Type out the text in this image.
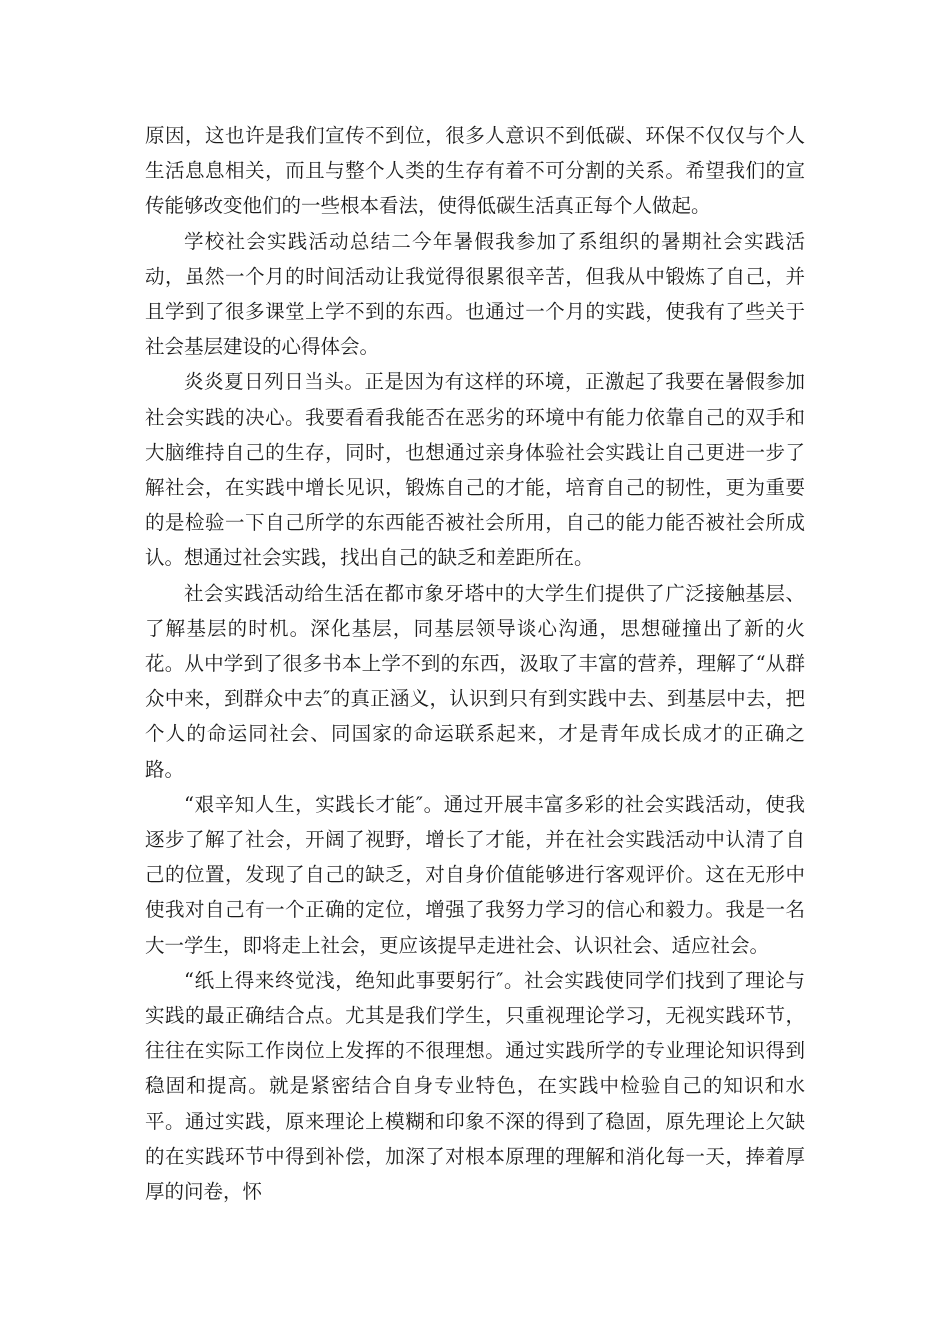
原因，这也许是我们宣传不到位，很多人意识不到低碳、环保不仅仅与个人生活息息相关，而且与整个人类的生存有着不可分割的关系。希望我们的宣传能够改变他们的一些根本看法，使得低碳生活真正每个人做起。

学校社会实践活动总结二今年暑假我参加了系组织的暑期社会实践活动，虽然一个月的时间活动让我觉得很累很辛苦，但我从中锻炼了自己，并且学到了很多课堂上学不到的东西。也通过一个月的实践，使我有了些关于社会基层建设的心得体会。

炎炎夏日列日当头。正是因为有这样的环境，正激起了我要在暑假参加社会实践的决心。我要看看我能否在恶劣的环境中有能力依靠自己的双手和大脑维持自己的生存，同时，也想通过亲身体验社会实践让自己更进一步了解社会，在实践中增长见识，锻炼自己的才能，培育自己的韧性，更为重要的是检验一下自己所学的东西能否被社会所用，自己的能力能否被社会所成认。想通过社会实践，找出自己的缺乏和差距所在。

社会实践活动给生活在都市象牙塔中的大学生们提供了广泛接触基层、了解基层的时机。深化基层，同基层领导谈心沟通，思想碰撞出了新的火花。从中学到了很多书本上学不到的东西，汲取了丰富的营养，理解了“从群众中来，到群众中去″的真正涵义，认识到只有到实践中去、到基层中去，把个人的命运同社会、同国家的命运联系起来，才是青年成长成才的正确之路。

“艰辛知人生，实践长才能″。通过开展丰富多彩的社会实践活动，使我逐步了解了社会，开阔了视野，增长了才能，并在社会实践活动中认清了自己的位置，发现了自己的缺乏，对自身价值能够进行客观评价。这在无形中使我对自己有一个正确的定位，增强了我努力学习的信心和毅力。我是一名大一学生，即将走上社会，更应该提早走进社会、认识社会、适应社会。

“纸上得来终觉浅，绝知此事要躬行″。社会实践使同学们找到了理论与实践的最正确结合点。尤其是我们学生，只重视理论学习，无视实践环节，往往在实际工作岗位上发挥的不很理想。通过实践所学的专业理论知识得到稳固和提高。就是紧密结合自身专业特色，在实践中检验自己的知识和水平。通过实践，原来理论上模糊和印象不深的得到了稳固，原先理论上欠缺的在实践环节中得到补偿，加深了对根本原理的理解和消化每一天，捧着厚厚的问卷，怀
